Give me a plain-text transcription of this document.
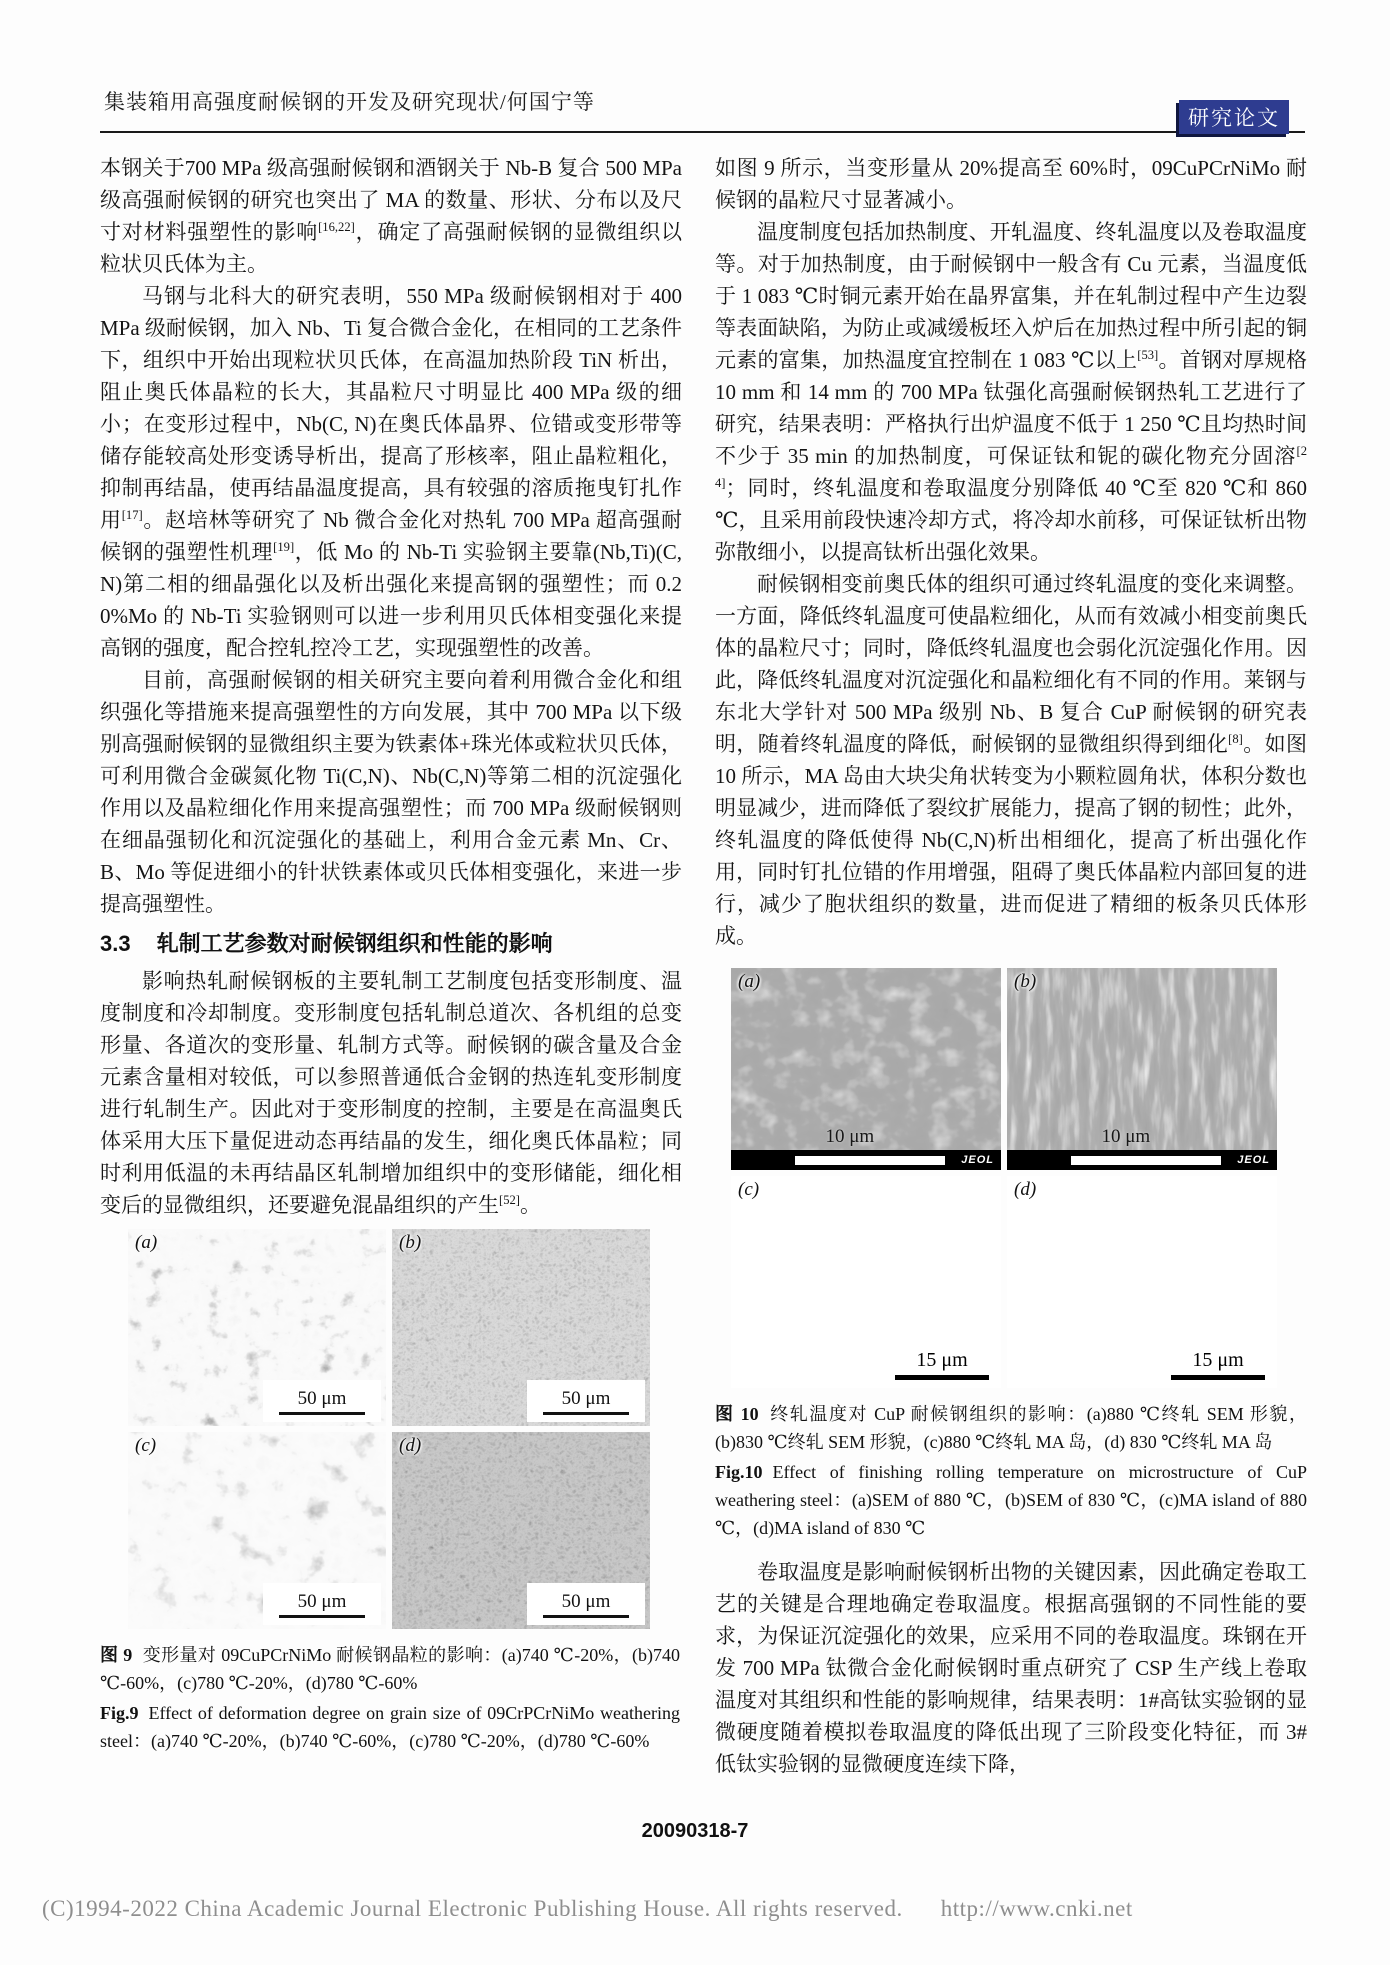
集装箱用高强度耐候钢的开发及研究现状/何国宁等
研究论文

本钢关于700 MPa 级高强耐候钢和酒钢关于 Nb-B 复合 500 MPa 级高强耐候钢的研究也突出了 MA 的数量、形状、分布以及尺寸对材料强塑性的影响[16,22]，确定了高强耐候钢的显微组织以粒状贝氏体为主。

马钢与北科大的研究表明，550 MPa 级耐候钢相对于 400 MPa 级耐候钢，加入 Nb、Ti 复合微合金化，在相同的工艺条件下，组织中开始出现粒状贝氏体，在高温加热阶段 TiN 析出，阻止奥氏体晶粒的长大，其晶粒尺寸明显比 400 MPa 级的细小；在变形过程中，Nb(C, N)在奥氏体晶界、位错或变形带等储存能较高处形变诱导析出，提高了形核率，阻止晶粒粗化，抑制再结晶，使再结晶温度提高，具有较强的溶质拖曳钉扎作用[17]。赵培林等研究了 Nb 微合金化对热轧 700 MPa 超高强耐候钢的强塑性机理[19]，低 Mo 的 Nb-Ti 实验钢主要靠(Nb,Ti)(C,N)第二相的细晶强化以及析出强化来提高钢的强塑性；而 0.20%Mo 的 Nb-Ti 实验钢则可以进一步利用贝氏体相变强化来提高钢的强度，配合控轧控冷工艺，实现强塑性的改善。

目前，高强耐候钢的相关研究主要向着利用微合金化和组织强化等措施来提高强塑性的方向发展，其中 700 MPa 以下级别高强耐候钢的显微组织主要为铁素体+珠光体或粒状贝氏体，可利用微合金碳氮化物 Ti(C,N)、Nb(C,N)等第二相的沉淀强化作用以及晶粒细化作用来提高强塑性；而 700 MPa 级耐候钢则在细晶强韧化和沉淀强化的基础上，利用合金元素 Mn、Cr、B、Mo 等促进细小的针状铁素体或贝氏体相变强化，来进一步提高强塑性。

3.3 轧制工艺参数对耐候钢组织和性能的影响

影响热轧耐候钢板的主要轧制工艺制度包括变形制度、温度制度和冷却制度。变形制度包括轧制总道次、各机组的总变形量、各道次的变形量、轧制方式等。耐候钢的碳含量及合金元素含量相对较低，可以参照普通低合金钢的热连轧变形制度进行轧制生产。因此对于变形制度的控制，主要是在高温奥氏体采用大压下量促进动态再结晶的发生，细化奥氏体晶粒；同时利用低温的未再结晶区轧制增加组织中的变形储能，细化相变后的显微组织，还要避免混晶组织的产生[52]。

(a)
50 μm
(b)
50 μm
(c)
50 μm
(d)
50 μm
图 9 变形量对 09CuPCrNiMo 耐候钢晶粒的影响：(a)740 ℃-20%，(b)740 ℃-60%，(c)780 ℃-20%，(d)780 ℃-60%
Fig.9 Effect of deformation degree on grain size of 09CrPCrNiMo weathering steel：(a)740 ℃-20%，(b)740 ℃-60%，(c)780 ℃-20%，(d)780 ℃-60%

如图 9 所示，当变形量从 20%提高至 60%时，09CuPCrNiMo 耐候钢的晶粒尺寸显著减小。

温度制度包括加热制度、开轧温度、终轧温度以及卷取温度等。对于加热制度，由于耐候钢中一般含有 Cu 元素，当温度低于 1 083 ℃时铜元素开始在晶界富集，并在轧制过程中产生边裂等表面缺陷，为防止或减缓板坯入炉后在加热过程中所引起的铜元素的富集，加热温度宜控制在 1 083 ℃以上[53]。首钢对厚规格 10 mm 和 14 mm 的 700 MPa 钛强化高强耐候钢热轧工艺进行了研究，结果表明：严格执行出炉温度不低于 1 250 ℃且均热时间不少于 35 min 的加热制度，可保证钛和铌的碳化物充分固溶[24]；同时，终轧温度和卷取温度分别降低 40 ℃至 820 ℃和 860 ℃，且采用前段快速冷却方式，将冷却水前移，可保证钛析出物弥散细小，以提高钛析出强化效果。

耐候钢相变前奥氏体的组织可通过终轧温度的变化来调整。一方面，降低终轧温度可使晶粒细化，从而有效减小相变前奥氏体的晶粒尺寸；同时，降低终轧温度也会弱化沉淀强化作用。因此，降低终轧温度对沉淀强化和晶粒细化有不同的作用。莱钢与东北大学针对 500 MPa 级别 Nb、B 复合 CuP 耐候钢的研究表明，随着终轧温度的降低，耐候钢的显微组织得到细化[8]。如图 10 所示，MA 岛由大块尖角状转变为小颗粒圆角状，体积分数也明显减少，进而降低了裂纹扩展能力，提高了钢的韧性；此外，终轧温度的降低使得 Nb(C,N)析出相细化，提高了析出强化作用，同时钉扎位错的作用增强，阻碍了奥氏体晶粒内部回复的进行，减少了胞状组织的数量，进而促进了精细的板条贝氏体形成。

(a)
10 μm
JEOL
(b)
10 μm
JEOL
(c)
15 μm
(d)
15 μm
图 10 终轧温度对 CuP 耐候钢组织的影响：(a)880 ℃终轧 SEM 形貌，(b)830 ℃终轧 SEM 形貌，(c)880 ℃终轧 MA 岛，(d) 830 ℃终轧 MA 岛
Fig.10 Effect of finishing rolling temperature on microstructure of CuP weathering steel：(a)SEM of 880 ℃，(b)SEM of 830 ℃，(c)MA island of 880 ℃，(d)MA island of 830 ℃

卷取温度是影响耐候钢析出物的关键因素，因此确定卷取工艺的关键是合理地确定卷取温度。根据高强钢的不同性能的要求，为保证沉淀强化的效果，应采用不同的卷取温度。珠钢在开发 700 MPa 钛微合金化耐候钢时重点研究了 CSP 生产线上卷取温度对其组织和性能的影响规律，结果表明：1#高钛实验钢的显微硬度随着模拟卷取温度的降低出现了三阶段变化特征，而 3#低钛实验钢的显微硬度连续下降，

20090318-7
(C)1994-2022 China Academic Journal Electronic Publishing House. All rights reserved. http://www.cnki.net
